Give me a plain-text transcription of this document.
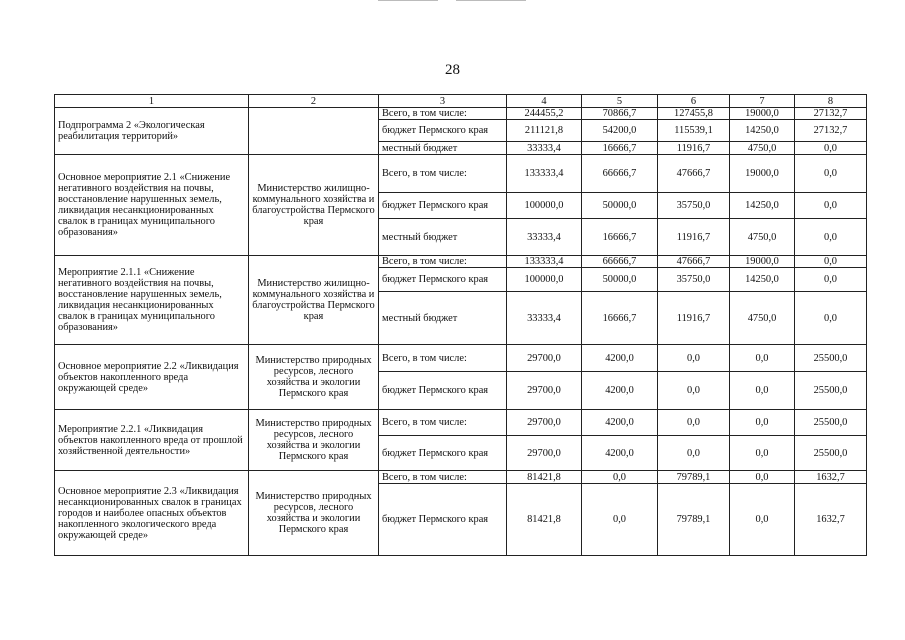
28
1	2	3	4	5	6	7	8
Подпрограмма 2 «Экологическая реабилитация территорий»		Всего, в том числе:	244455,2	70866,7	127455,8	19000,0	27132,7
		бюджет Пермского края	211121,8	54200,0	115539,1	14250,0	27132,7
		местный бюджет	33333,4	16666,7	11916,7	4750,0	0,0
Основное мероприятие 2.1 «Снижение негативного воздействия на почвы, восстановление нарушенных земель, ликвидация несанкционированных свалок в границах муниципального образования»	Министерство жилищно-коммунального хозяйства и благоустройства Пермского края	Всего, в том числе:	133333,4	66666,7	47666,7	19000,0	0,0
		бюджет Пермского края	100000,0	50000,0	35750,0	14250,0	0,0
		местный бюджет	33333,4	16666,7	11916,7	4750,0	0,0
Мероприятие 2.1.1 «Снижение негативного воздействия на почвы, восстановление нарушенных земель, ликвидация несанкционированных свалок в границах муниципального образования»	Министерство жилищно-коммунального хозяйства и благоустройства Пермского края	Всего, в том числе:	133333,4	66666,7	47666,7	19000,0	0,0
		бюджет Пермского края	100000,0	50000,0	35750,0	14250,0	0,0
		местный бюджет	33333,4	16666,7	11916,7	4750,0	0,0
Основное мероприятие 2.2 «Ликвидация объектов накопленного вреда окружающей среде»	Министерство природных ресурсов, лесного хозяйства и экологии Пермского края	Всего, в том числе:	29700,0	4200,0	0,0	0,0	25500,0
		бюджет Пермского края	29700,0	4200,0	0,0	0,0	25500,0
Мероприятие 2.2.1 «Ликвидация объектов накопленного вреда от прошлой хозяйственной деятельности»	Министерство природных ресурсов, лесного хозяйства и экологии Пермского края	Всего, в том числе:	29700,0	4200,0	0,0	0,0	25500,0
		бюджет Пермского края	29700,0	4200,0	0,0	0,0	25500,0
Основное мероприятие 2.3 «Ликвидация несанкционированных свалок в границах городов и наиболее опасных объектов накопленного экологического вреда окружающей среде»	Министерство природных ресурсов, лесного хозяйства и экологии Пермского края	Всего, в том числе:	81421,8	0,0	79789,1	0,0	1632,7
		бюджет Пермского края	81421,8	0,0	79789,1	0,0	1632,7
